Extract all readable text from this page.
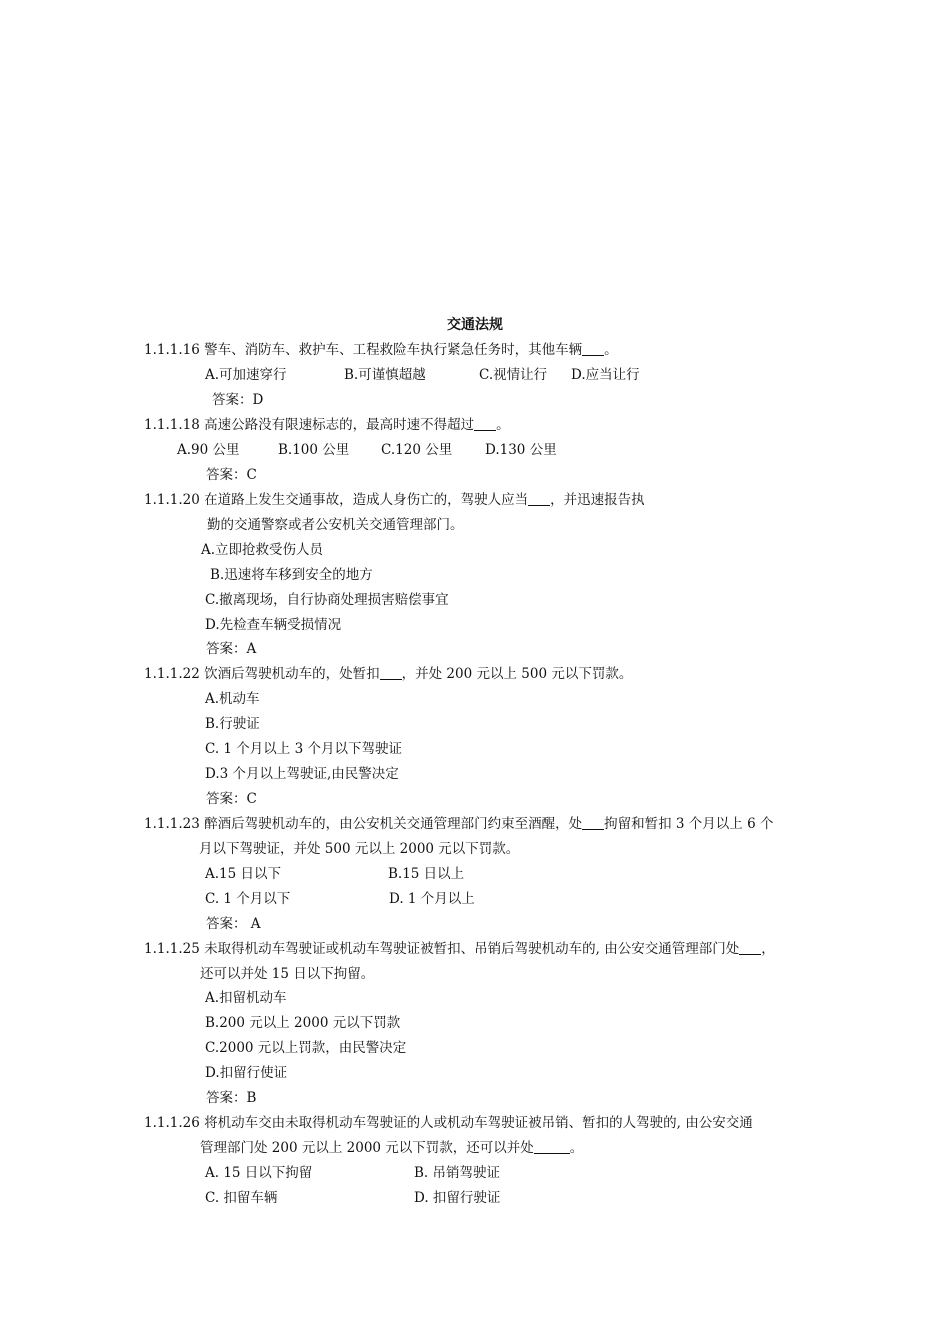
交通法规
1.1.1.16 警车、消防车、救护车、工程救险车执行紧急任务时，其他车辆 。
A.可加速穿行	B.可谨慎超越	C.视情让行 D.应当让行
答案：D
1.1.1.18 高速公路没有限速标志的，最高时速不得超过 。
A.90 公里	B.100 公里 C.120 公里 D.130 公里
答案：C
1.1.1.20 在道路上发生交通事故，造成人身伤亡的，驾驶人应当 ，并迅速报告执
勤的交通警察或者公安机关交通管理部门。
A.立即抢救受伤人员
B.迅速将车移到安全的地方
C.撤离现场，自行协商处理损害赔偿事宜
D.先检查车辆受损情况
答案：A
1.1.1.22 饮酒后驾驶机动车的，处暂扣 ，并处 200 元以上 500 元以下罚款。
A.机动车
B.行驶证
C. 1 个月以上 3 个月以下驾驶证
D.3 个月以上驾驶证,由民警决定
答案：C
1.1.1.23 醉酒后驾驶机动车的，由公安机关交通管理部门约束至酒醒，处 拘留和暂扣 3 个月以上 6 个
月以下驾驶证，并处 500 元以上 2000 元以下罚款。
A.15 日以下	B.15 日以上
C. 1 个月以下	D. 1 个月以上
答案： A
1.1.1.25 未取得机动车驾驶证或机动车驾驶证被暂扣、吊销后驾驶机动车的, 由公安交通管理部门处 ，
还可以并处 15 日以下拘留。
A.扣留机动车
B.200 元以上 2000 元以下罚款
C.2000 元以上罚款，由民警决定
D.扣留行使证
答案：B
1.1.1.26 将机动车交由未取得机动车驾驶证的人或机动车驾驶证被吊销、暂扣的人驾驶的, 由公安交通
管理部门处 200 元以上 2000 元以下罚款，还可以并处	。
A. 15 日以下拘留	B. 吊销驾驶证
C. 扣留车辆	D. 扣留行驶证
